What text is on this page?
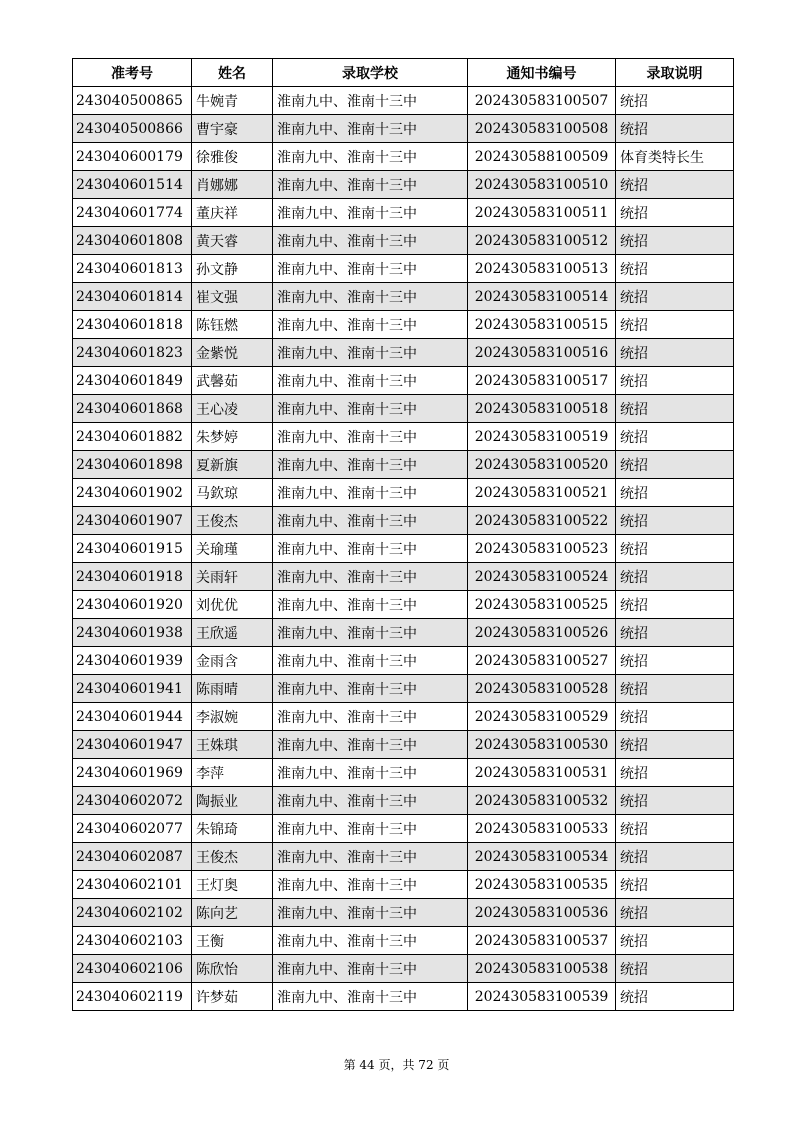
准考号	姓名	录取学校	通知书编号	录取说明
243040500865	牛婉青	淮南九中、淮南十三中	202430583100507	统招
243040500866	曹宇豪	淮南九中、淮南十三中	202430583100508	统招
243040600179	徐雅俊	淮南九中、淮南十三中	202430588100509	体育类特长生
243040601514	肖娜娜	淮南九中、淮南十三中	202430583100510	统招
243040601774	董庆祥	淮南九中、淮南十三中	202430583100511	统招
243040601808	黄天睿	淮南九中、淮南十三中	202430583100512	统招
243040601813	孙文静	淮南九中、淮南十三中	202430583100513	统招
243040601814	崔文强	淮南九中、淮南十三中	202430583100514	统招
243040601818	陈钰燃	淮南九中、淮南十三中	202430583100515	统招
243040601823	金紫悦	淮南九中、淮南十三中	202430583100516	统招
243040601849	武馨茹	淮南九中、淮南十三中	202430583100517	统招
243040601868	王心凌	淮南九中、淮南十三中	202430583100518	统招
243040601882	朱梦婷	淮南九中、淮南十三中	202430583100519	统招
243040601898	夏新旗	淮南九中、淮南十三中	202430583100520	统招
243040601902	马欽琼	淮南九中、淮南十三中	202430583100521	统招
243040601907	王俊杰	淮南九中、淮南十三中	202430583100522	统招
243040601915	关瑜瑾	淮南九中、淮南十三中	202430583100523	统招
243040601918	关雨轩	淮南九中、淮南十三中	202430583100524	统招
243040601920	刘优优	淮南九中、淮南十三中	202430583100525	统招
243040601938	王欣遥	淮南九中、淮南十三中	202430583100526	统招
243040601939	金雨含	淮南九中、淮南十三中	202430583100527	统招
243040601941	陈雨晴	淮南九中、淮南十三中	202430583100528	统招
243040601944	李淑婉	淮南九中、淮南十三中	202430583100529	统招
243040601947	王姝琪	淮南九中、淮南十三中	202430583100530	统招
243040601969	李萍	淮南九中、淮南十三中	202430583100531	统招
243040602072	陶振业	淮南九中、淮南十三中	202430583100532	统招
243040602077	朱锦琦	淮南九中、淮南十三中	202430583100533	统招
243040602087	王俊杰	淮南九中、淮南十三中	202430583100534	统招
243040602101	王灯奥	淮南九中、淮南十三中	202430583100535	统招
243040602102	陈向艺	淮南九中、淮南十三中	202430583100536	统招
243040602103	王衡	淮南九中、淮南十三中	202430583100537	统招
243040602106	陈欣怡	淮南九中、淮南十三中	202430583100538	统招
243040602119	许梦茹	淮南九中、淮南十三中	202430583100539	统招
第 44 页，共 72 页
